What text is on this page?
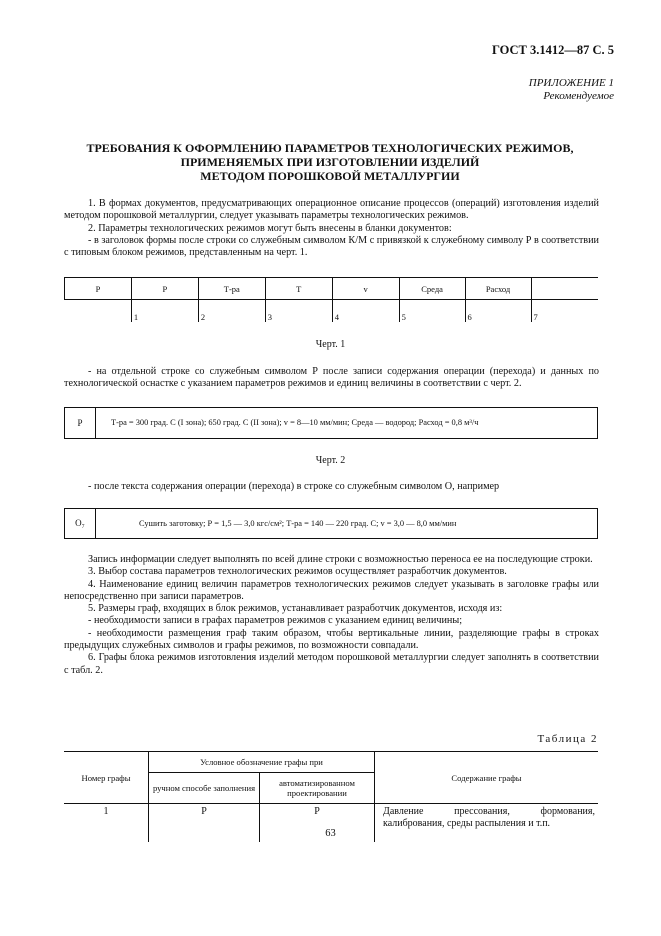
ГОСТ 3.1412—87 С. 5
ПРИЛОЖЕНИЕ 1
Рекомендуемое
ТРЕБОВАНИЯ К ОФОРМЛЕНИЮ ПАРАМЕТРОВ ТЕХНОЛОГИЧЕСКИХ РЕЖИМОВ,
ПРИМЕНЯЕМЫХ ПРИ ИЗГОТОВЛЕНИИ ИЗДЕЛИЙ
МЕТОДОМ ПОРОШКОВОЙ МЕТАЛЛУРГИИ
1. В формах документов, предусматривающих операционное описание процессов (операций) изготовления изделий методом порошковой металлургии, следует указывать параметры технологических режимов.
2. Параметры технологических режимов могут быть внесены в бланки документов:
- в заголовок формы после строки со служебным символом К/М с привязкой к служебному символу Р в соответствии с типовым блоком режимов, представленным на черт. 1.
Р	Р	Т-ра	Т	v	Среда	Расход	
	1	2	3	4	5	6	7
Черт. 1
- на отдельной строке со служебным символом Р после записи содержания операции (перехода) и данных по технологической оснастке с указанием параметров режимов и единиц величины в соответствии с черт. 2.
Р	Т-ра = 300 град. С (I зона); 650 град. С (II зона); v = 8—10 мм/мин; Среда — водород; Расход = 0,8 м³/ч
Черт. 2
- после текста содержания операции (перехода) в строке со служебным символом О, например
О₇	Сушить заготовку; Р = 1,5 — 3,0 кгс/см²; Т-ра = 140 — 220 град. С; v = 3,0 — 8,0 мм/мин
Запись информации следует выполнять по всей длине строки с возможностью переноса ее на последующие строки.
3. Выбор состава параметров технологических режимов осуществляет разработчик документов.
4. Наименование единиц величин параметров технологических режимов следует указывать в заголовке графы или непосредственно при записи параметров.
5. Размеры граф, входящих в блок режимов, устанавливает разработчик документов, исходя из:
- необходимости записи в графах параметров режимов с указанием единиц величины;
- необходимости размещения граф таким образом, чтобы вертикальные линии, разделяющие графы в строках предыдущих служебных символов и графы режимов, по возможности совпадали.
6. Графы блока режимов изготовления изделий методом порошковой металлургии следует заполнять в соответствии с табл. 2.
Таблица 2
Номер графы	Условное обозначение графы при		Содержание графы
	ручном способе заполнения	автоматизированном проектировании	
1	Р	Р	Давление прессования, формования, калибрования, среды распыления и т.п.
63
